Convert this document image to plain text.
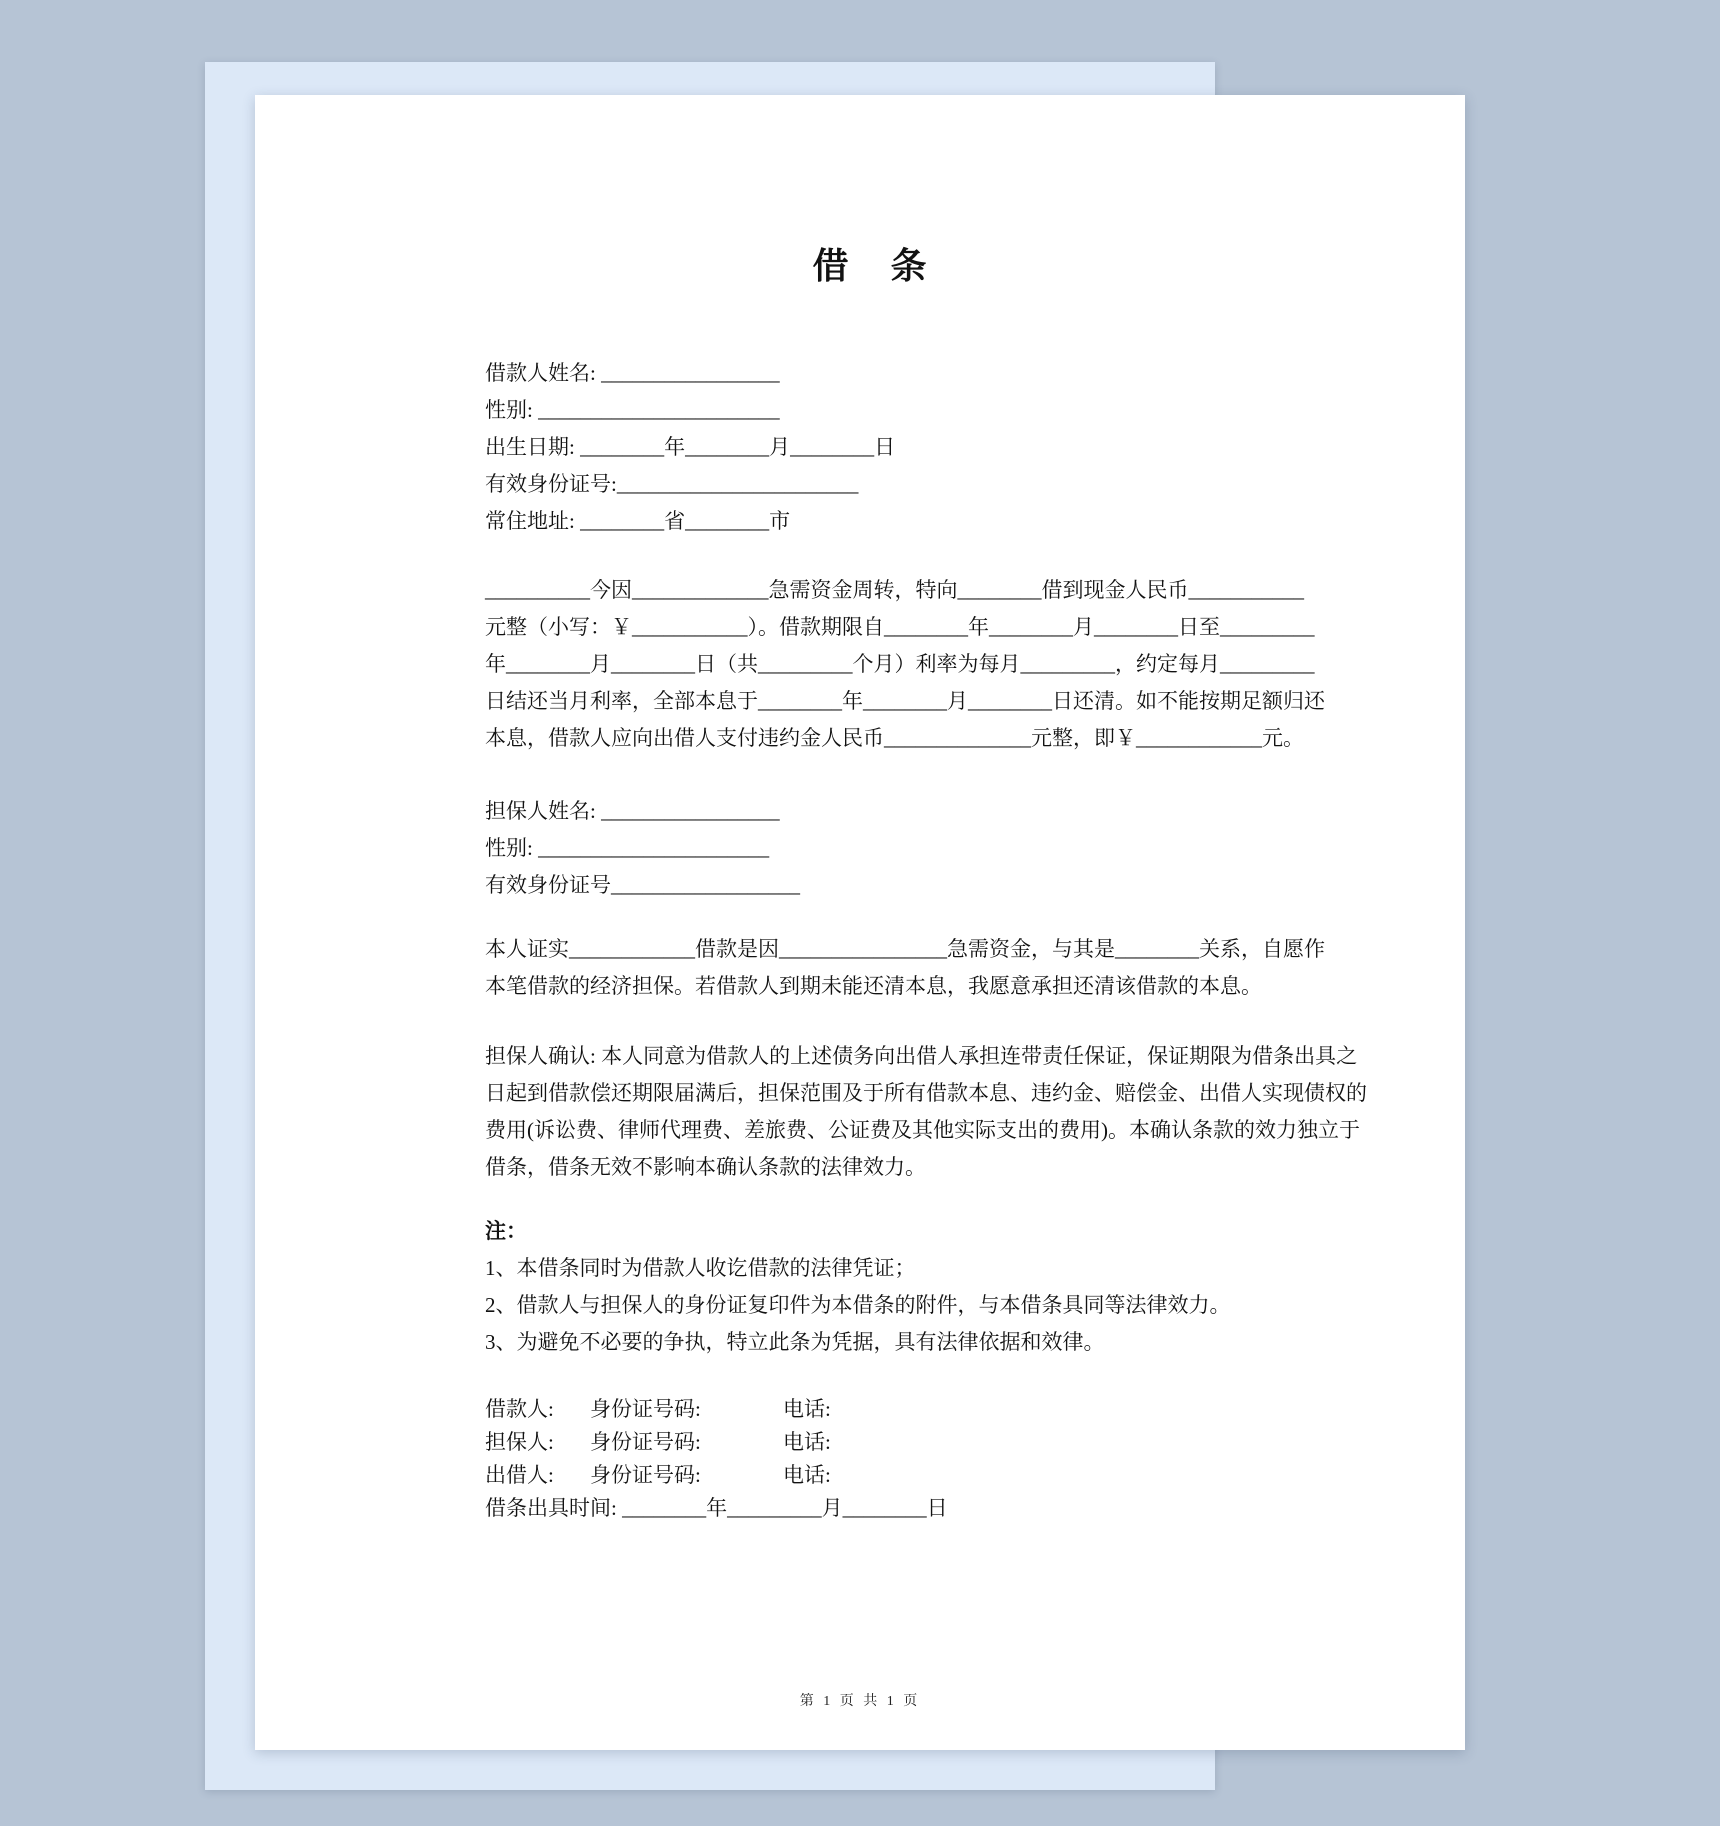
借　条
借款人姓名: _________________
性别: _______________________
出生日期: ________年________月________日
有效身份证号:_______________________
常住地址: ________省________市
__________今因_____________急需资金周转，特向________借到现金人民币___________
元整（小写：￥___________）。借款期限自________年________月________日至_________
年________月________日（共_________个月）利率为每月_________，约定每月_________
日结还当月利率，全部本息于________年________月________日还清。如不能按期足额归还
本息，借款人应向出借人支付违约金人民币______________元整，即￥____________元。
担保人姓名: _________________
性别: ______________________
有效身份证号__________________
本人证实____________借款是因________________急需资金，与其是________关系，自愿作
本笔借款的经济担保。若借款人到期未能还清本息，我愿意承担还清该借款的本息。
担保人确认: 本人同意为借款人的上述债务向出借人承担连带责任保证，保证期限为借条出具之
日起到借款偿还期限届满后，担保范围及于所有借款本息、违约金、赔偿金、出借人实现债权的
费用(诉讼费、律师代理费、差旅费、公证费及其他实际支出的费用)。本确认条款的效力独立于
借条，借条无效不影响本确认条款的法律效力。
注：
1、本借条同时为借款人收讫借款的法律凭证；
2、借款人与担保人的身份证复印件为本借条的附件，与本借条具同等法律效力。
3、为避免不必要的争执，特立此条为凭据，具有法律依据和效律。
借款人:	身份证号码:	电话:
担保人:	身份证号码:	电话:
出借人:	身份证号码:	电话:
借条出具时间: ________年_________月________日
第 1 页 共 1 页
